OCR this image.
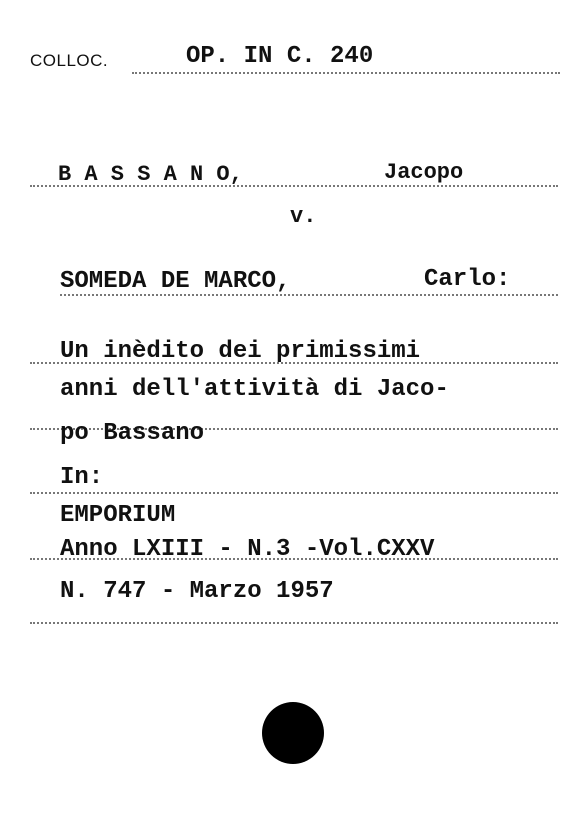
COLLOC.	OP. IN C. 240
B A S S A N O,	Jacopo
v.
SOMEDA DE MARCO,	Carlo:
Un inèdito dei primissimi
anni dell'attività di Jaco-
po Bassano
In:
EMPORIUM
Anno LXIII - N.3 -Vol.CXXV
N. 747 - Marzo 1957
